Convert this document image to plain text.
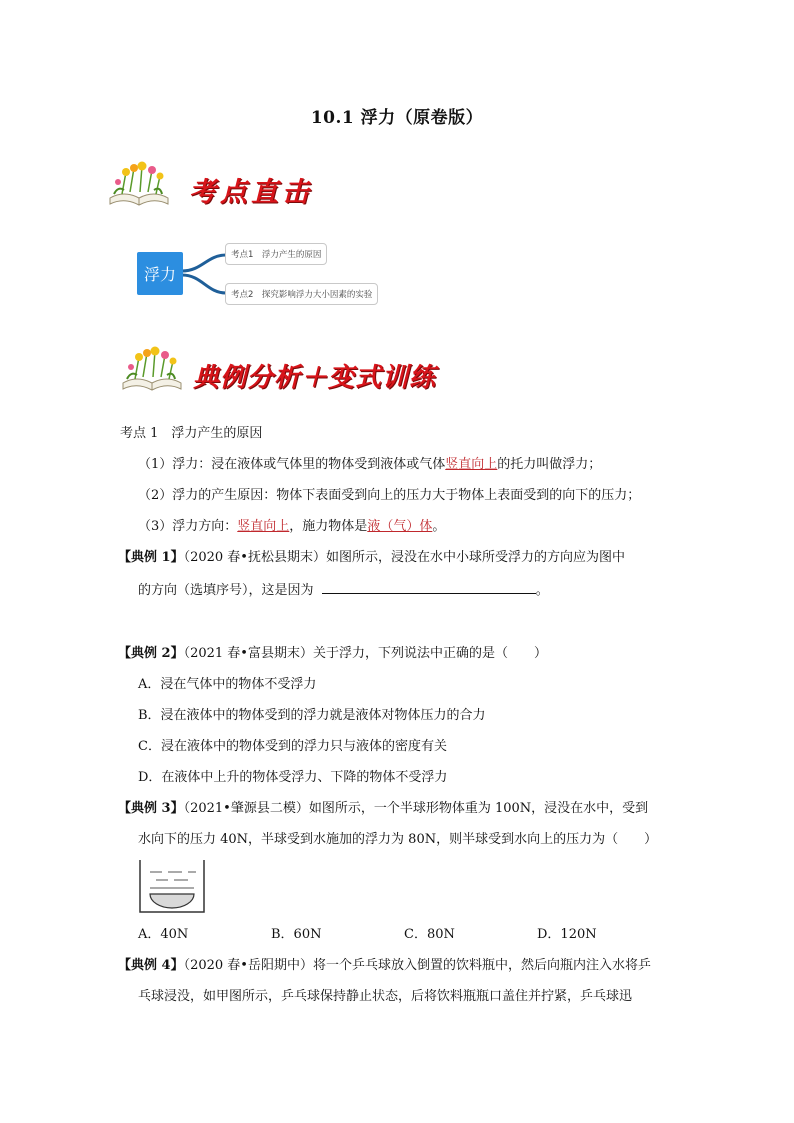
10.1 浮力（原卷版）
考点直击
浮力
考点1　浮力产生的原因
考点2　探究影响浮力大小因素的实验
典例分析＋变式训练
考点 1　浮力产生的原因
（1）浮力：浸在液体或气体里的物体受到液体或气体竖直向上的托力叫做浮力；
（2）浮力的产生原因：物体下表面受到向上的压力大于物体上表面受到的向下的压力；
（3）浮力方向：竖直向上，施力物体是液（气）体。
【典例 1】（2020 春•抚松县期末）如图所示，浸没在水中小球所受浮力的方向应为图中
的方向（选填序号），这是因为	。
【典例 2】（2021 春•富县期末）关于浮力，下列说法中正确的是（　　）
A．浸在气体中的物体不受浮力
B．浸在液体中的物体受到的浮力就是液体对物体压力的合力
C．浸在液体中的物体受到的浮力只与液体的密度有关
D．在液体中上升的物体受浮力、下降的物体不受浮力
【典例 3】（2021•肇源县二模）如图所示，一个半球形物体重为 100N，浸没在水中，受到
水向下的压力 40N，半球受到水施加的浮力为 80N，则半球受到水向上的压力为（　　）
A．40N	B．60N	C．80N	D．120N
【典例 4】（2020 春•岳阳期中）将一个乒乓球放入倒置的饮料瓶中，然后向瓶内注入水将乒
乓球浸没，如甲图所示，乒乓球保持静止状态，后将饮料瓶瓶口盖住并拧紧，乒乓球迅
